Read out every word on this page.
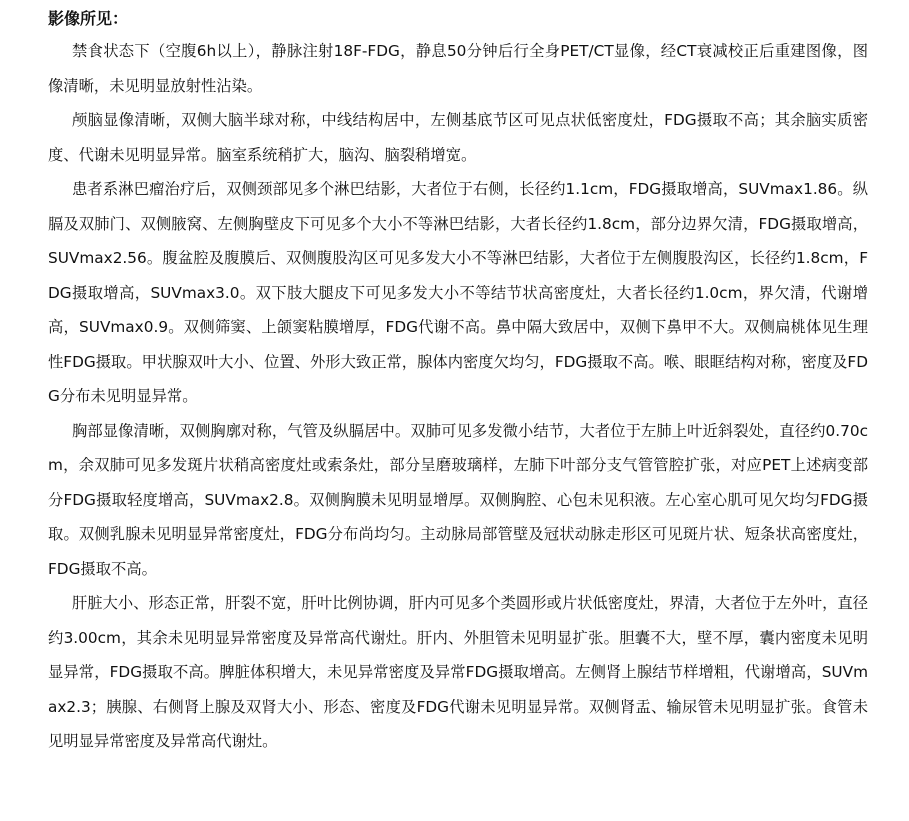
影像所见：

禁食状态下（空腹6h以上），静脉注射18F-FDG，静息50分钟后行全身PET/CT显像，经CT衰减校正后重建图像，图像清晰，未见明显放射性沾染。

颅脑显像清晰，双侧大脑半球对称，中线结构居中，左侧基底节区可见点状低密度灶，FDG摄取不高；其余脑实质密度、代谢未见明显异常。脑室系统稍扩大，脑沟、脑裂稍增宽。

患者系淋巴瘤治疗后，双侧颈部见多个淋巴结影，大者位于右侧，长径约1.1cm，FDG摄取增高，SUVmax1.86。纵膈及双肺门、双侧腋窝、左侧胸壁皮下可见多个大小不等淋巴结影，大者长径约1.8cm，部分边界欠清，FDG摄取增高，SUVmax2.56。腹盆腔及腹膜后、双侧腹股沟区可见多发大小不等淋巴结影，大者位于左侧腹股沟区，长径约1.8cm，FDG摄取增高，SUVmax3.0。双下肢大腿皮下可见多发大小不等结节状高密度灶，大者长径约1.0cm，界欠清，代谢增高，SUVmax0.9。双侧筛窦、上颌窦粘膜增厚，FDG代谢不高。鼻中隔大致居中，双侧下鼻甲不大。双侧扁桃体见生理性FDG摄取。甲状腺双叶大小、位置、外形大致正常，腺体内密度欠均匀，FDG摄取不高。喉、眼眶结构对称，密度及FDG分布未见明显异常。

胸部显像清晰，双侧胸廓对称，气管及纵膈居中。双肺可见多发微小结节，大者位于左肺上叶近斜裂处，直径约0.70cm，余双肺可见多发斑片状稍高密度灶或索条灶，部分呈磨玻璃样，左肺下叶部分支气管管腔扩张，对应PET上述病变部分FDG摄取轻度增高，SUVmax2.8。双侧胸膜未见明显增厚。双侧胸腔、心包未见积液。左心室心肌可见欠均匀FDG摄取。双侧乳腺未见明显异常密度灶，FDG分布尚均匀。主动脉局部管壁及冠状动脉走形区可见斑片状、短条状高密度灶，FDG摄取不高。

肝脏大小、形态正常，肝裂不宽，肝叶比例协调，肝内可见多个类圆形或片状低密度灶，界清，大者位于左外叶，直径约3.00cm，其余未见明显异常密度及异常高代谢灶。肝内、外胆管未见明显扩张。胆囊不大，壁不厚，囊内密度未见明显异常，FDG摄取不高。脾脏体积增大，未见异常密度及异常FDG摄取增高。左侧肾上腺结节样增粗，代谢增高，SUVmax2.3；胰腺、右侧肾上腺及双肾大小、形态、密度及FDG代谢未见明显异常。双侧肾盂、输尿管未见明显扩张。食管未见明显异常密度及异常高代谢灶。
